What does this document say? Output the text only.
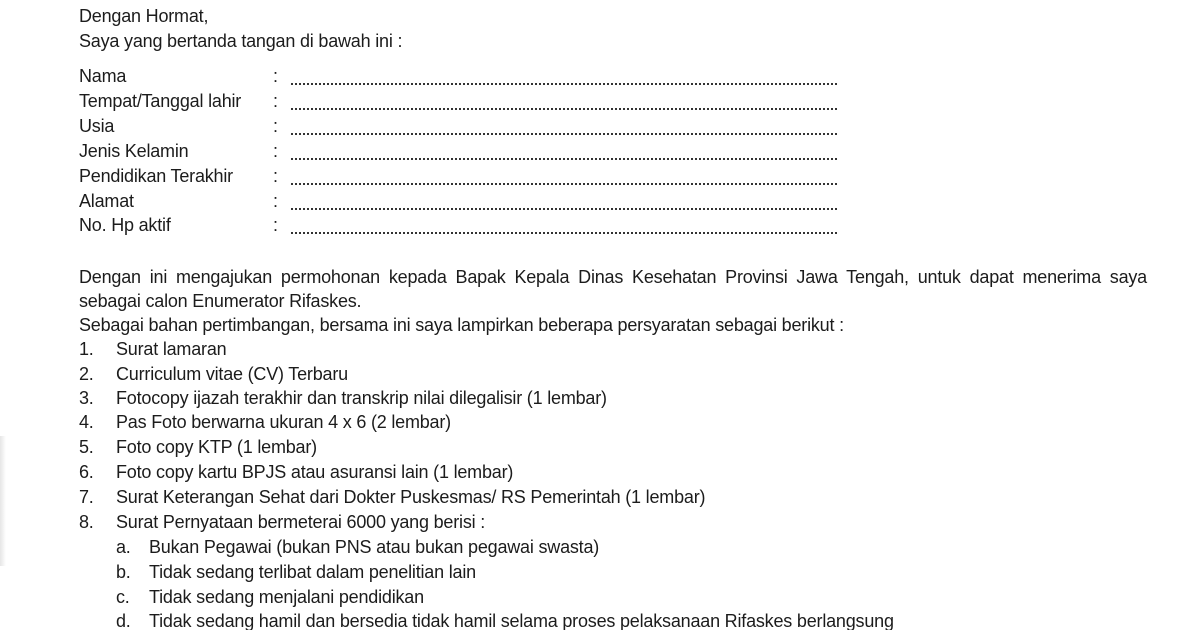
Dengan Hormat,
Saya yang bertanda tangan di bawah ini :
Nama	:
Tempat/Tanggal lahir :
Usia	:
Jenis Kelamin	:
Pendidikan Terakhir :
Alamat	:
No. Hp aktif	:
Dengan ini mengajukan permohonan kepada Bapak Kepala Dinas Kesehatan Provinsi Jawa Tengah, untuk dapat menerima saya
sebagai calon Enumerator Rifaskes.
Sebagai bahan pertimbangan, bersama ini saya lampirkan beberapa persyaratan sebagai berikut :
1. Surat lamaran
2. Curriculum vitae (CV) Terbaru
3. Fotocopy ijazah terakhir dan transkrip nilai dilegalisir (1 lembar)
4. Pas Foto berwarna ukuran 4 x 6 (2 lembar)
5. Foto copy KTP (1 lembar)
6. Foto copy kartu BPJS atau asuransi lain (1 lembar)
7. Surat Keterangan Sehat dari Dokter Puskesmas/ RS Pemerintah (1 lembar)
8. Surat Pernyataan bermeterai 6000 yang berisi :
a. Bukan Pegawai (bukan PNS atau bukan pegawai swasta)
b. Tidak sedang terlibat dalam penelitian lain
c. Tidak sedang menjalani pendidikan
d. Tidak sedang hamil dan bersedia tidak hamil selama proses pelaksanaan Rifaskes berlangsung
